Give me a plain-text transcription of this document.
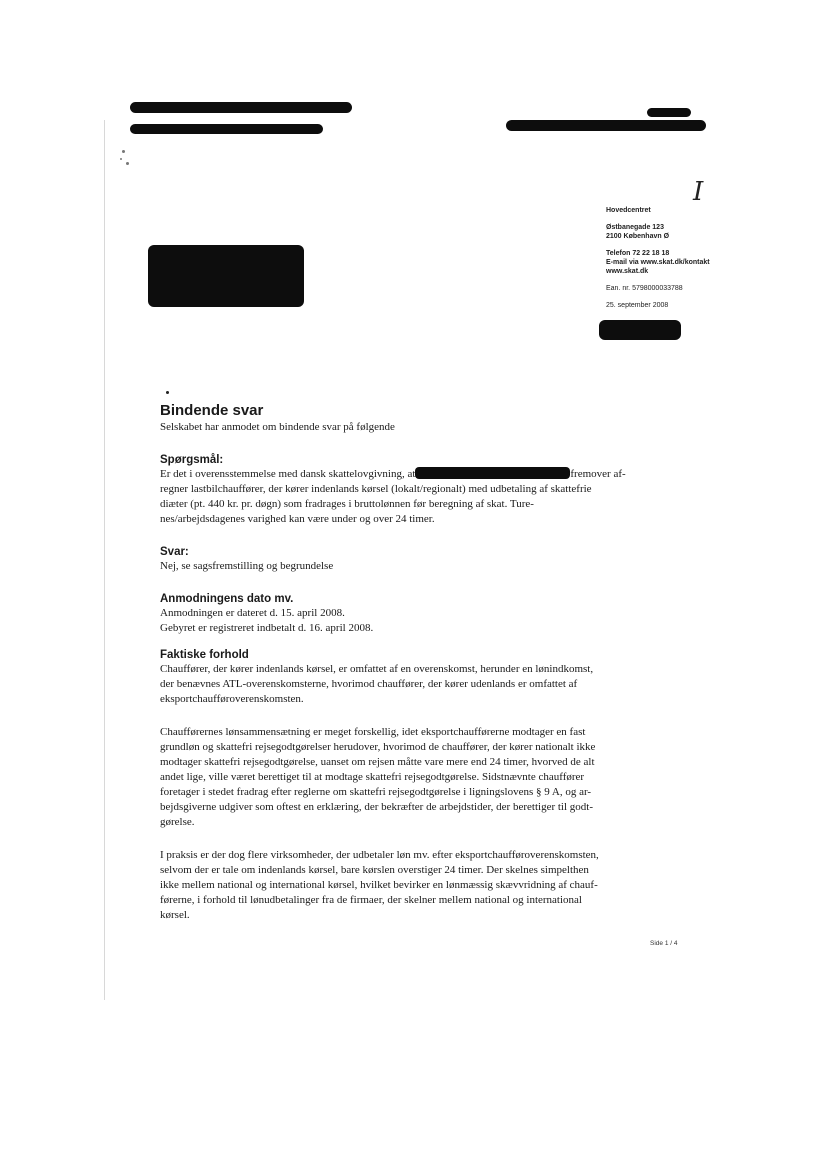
I
Hovedcentret
Østbanegade 123
2100 København Ø
Telefon 72 22 18 18
E-mail via www.skat.dk/kontakt
www.skat.dk
Ean. nr. 5798000033788
25. september 2008
Bindende svar

Selskabet har anmodet om bindende svar på følgende

Spørgsmål:

Er det i overensstemmelse med dansk skattelovgivning, at	fremover af-

regner lastbilchauffører, der kører indenlands kørsel (lokalt/regionalt) med udbetaling af skattefrie

diæter (pt. 440 kr. pr. døgn) som fradrages i bruttolønnen før beregning af skat. Ture-

nes/arbejdsdagenes varighed kan være under og over 24 timer.

Svar:

Nej, se sagsfremstilling og begrundelse

Anmodningens dato mv.

Anmodningen er dateret d. 15. april 2008.

Gebyret er registreret indbetalt d. 16. april 2008.

Faktiske forhold

Chauffører, der kører indenlands kørsel, er omfattet af en overenskomst, herunder en lønindkomst,

der benævnes ATL-overenskomsterne, hvorimod chauffører, der kører udenlands er omfattet af

eksportchaufføroverenskomsten.

Chaufførernes lønsammensætning er meget forskellig, idet eksportchaufførerne modtager en fast

grundløn og skattefri rejsegodtgørelser herudover, hvorimod de chauffører, der kører nationalt ikke

modtager skattefri rejsegodtgørelse, uanset om rejsen måtte vare mere end 24 timer, hvorved de alt

andet lige, ville været berettiget til at modtage skattefri rejsegodtgørelse. Sidstnævnte chauffører

foretager i stedet fradrag efter reglerne om skattefri rejsegodtgørelse i ligningslovens § 9 A, og ar-

bejdsgiverne udgiver som oftest en erklæring, der bekræfter de arbejdstider, der berettiger til godt-

gørelse.

I praksis er der dog flere virksomheder, der udbetaler løn mv. efter eksportchaufføroverenskomsten,

selvom der er tale om indenlands kørsel, bare kørslen overstiger 24 timer. Der skelnes simpelthen

ikke mellem national og international kørsel, hvilket bevirker en lønmæssig skævvridning af chauf-

førerne, i forhold til lønudbetalinger fra de firmaer, der skelner mellem national og international

kørsel.

Side 1 / 4
